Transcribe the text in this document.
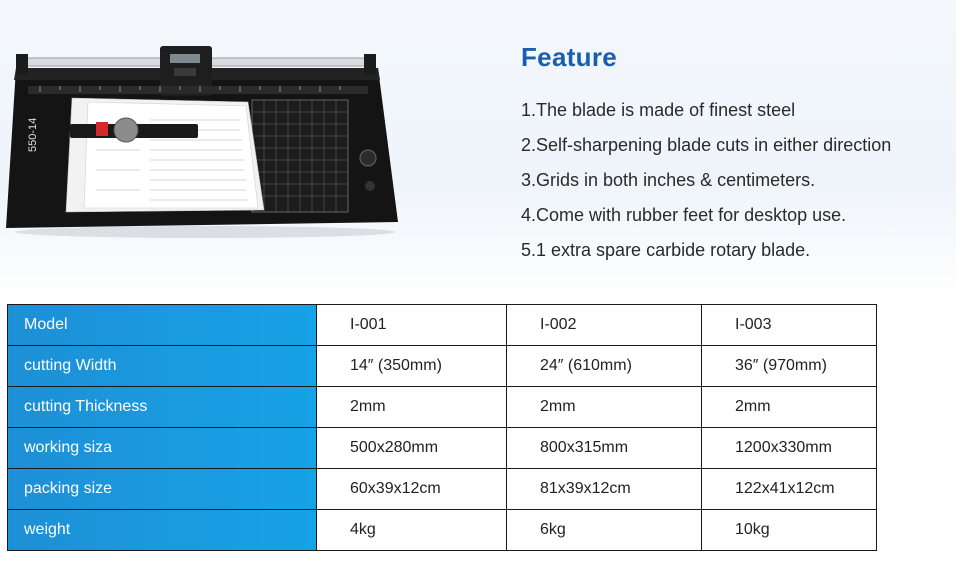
550-14
Feature
1.The blade is made of finest steel
2.Self-sharpening blade cuts in either direction
3.Grids in both inches & centimeters.
4.Come with rubber feet for desktop use.
5.1 extra spare carbide rotary blade.
Model	I-001	I-002	I-003
cutting Width	14″ (350mm)	24″ (610mm)	36″ (970mm)
cutting Thickness	2mm	2mm	2mm
working siza	500x280mm	800x315mm	1200x330mm
packing size	60x39x12cm	81x39x12cm	122x41x12cm
weight	4kg	6kg	10kg
